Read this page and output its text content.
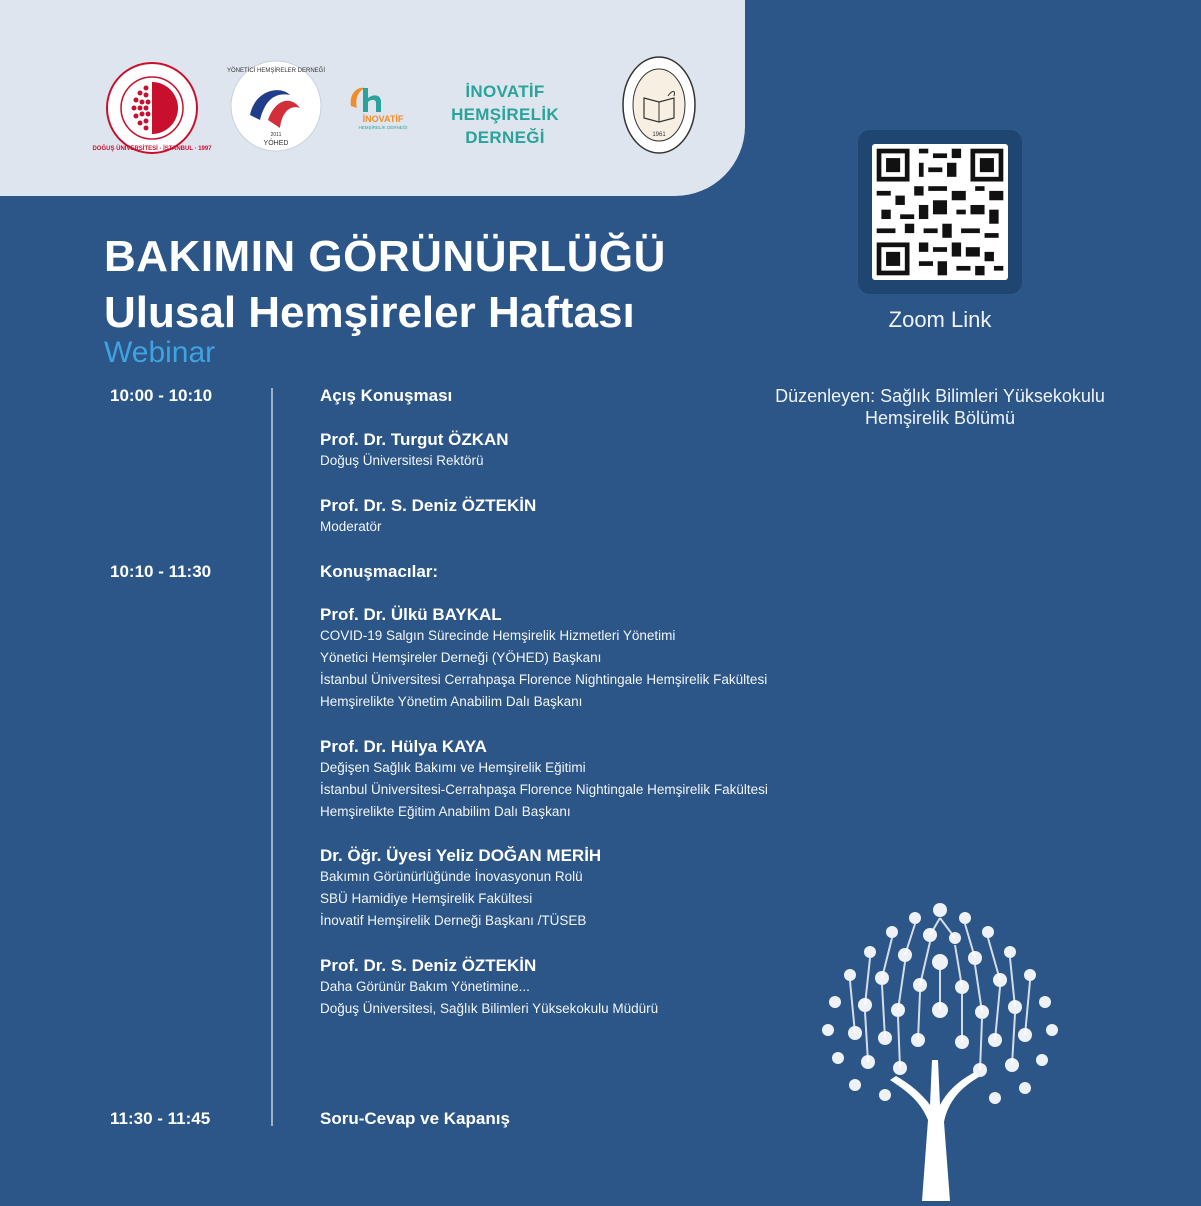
DOĞUŞ ÜNİVERSİTESİ · İSTANBUL · 1997
YÖNETİCİ HEMŞİRELER DERNEĞİ
2011
YÖHED
İNOVATİF
HEMŞİRELİK DERNEĞİ
İNOVATİF HEMŞİRELİK
DERNEĞİ	1961
BAKIMIN GÖRÜNÜRLÜĞÜ
Ulusal Hemşireler Haftası
Webinar
Zoom Link
Düzenleyen: Sağlık Bilimleri Yüksekokulu
Hemşirelik Bölümü
10:00 - 10:10	Açış Konuşması
Prof. Dr. Turgut ÖZKAN
Doğuş Üniversitesi Rektörü
Prof. Dr. S. Deniz ÖZTEKİN
Moderatör
10:10 - 11:30	Konuşmacılar:
Prof. Dr. Ülkü BAYKAL
COVID-19 Salgın Sürecinde Hemşirelik Hizmetleri Yönetimi
Yönetici Hemşireler Derneği (YÖHED) Başkanı
İstanbul Üniversitesi Cerrahpaşa Florence Nightingale Hemşirelik Fakültesi
Hemşirelikte Yönetim Anabilim Dalı Başkanı
Prof. Dr. Hülya KAYA
Değişen Sağlık Bakımı ve Hemşirelik Eğitimi
İstanbul Üniversitesi-Cerrahpaşa Florence Nightingale Hemşirelik Fakültesi
Hemşirelikte Eğitim Anabilim Dalı Başkanı
Dr. Öğr. Üyesi Yeliz DOĞAN MERİH
Bakımın Görünürlüğünde İnovasyonun Rolü
SBÜ Hamidiye Hemşirelik Fakültesi
İnovatif Hemşirelik Derneği Başkanı /TÜSEB
Prof. Dr. S. Deniz ÖZTEKİN
Daha Görünür Bakım Yönetimine...
Doğuş Üniversitesi, Sağlık Bilimleri Yüksekokulu Müdürü
11:30 - 11:45	Soru-Cevap ve Kapanış
